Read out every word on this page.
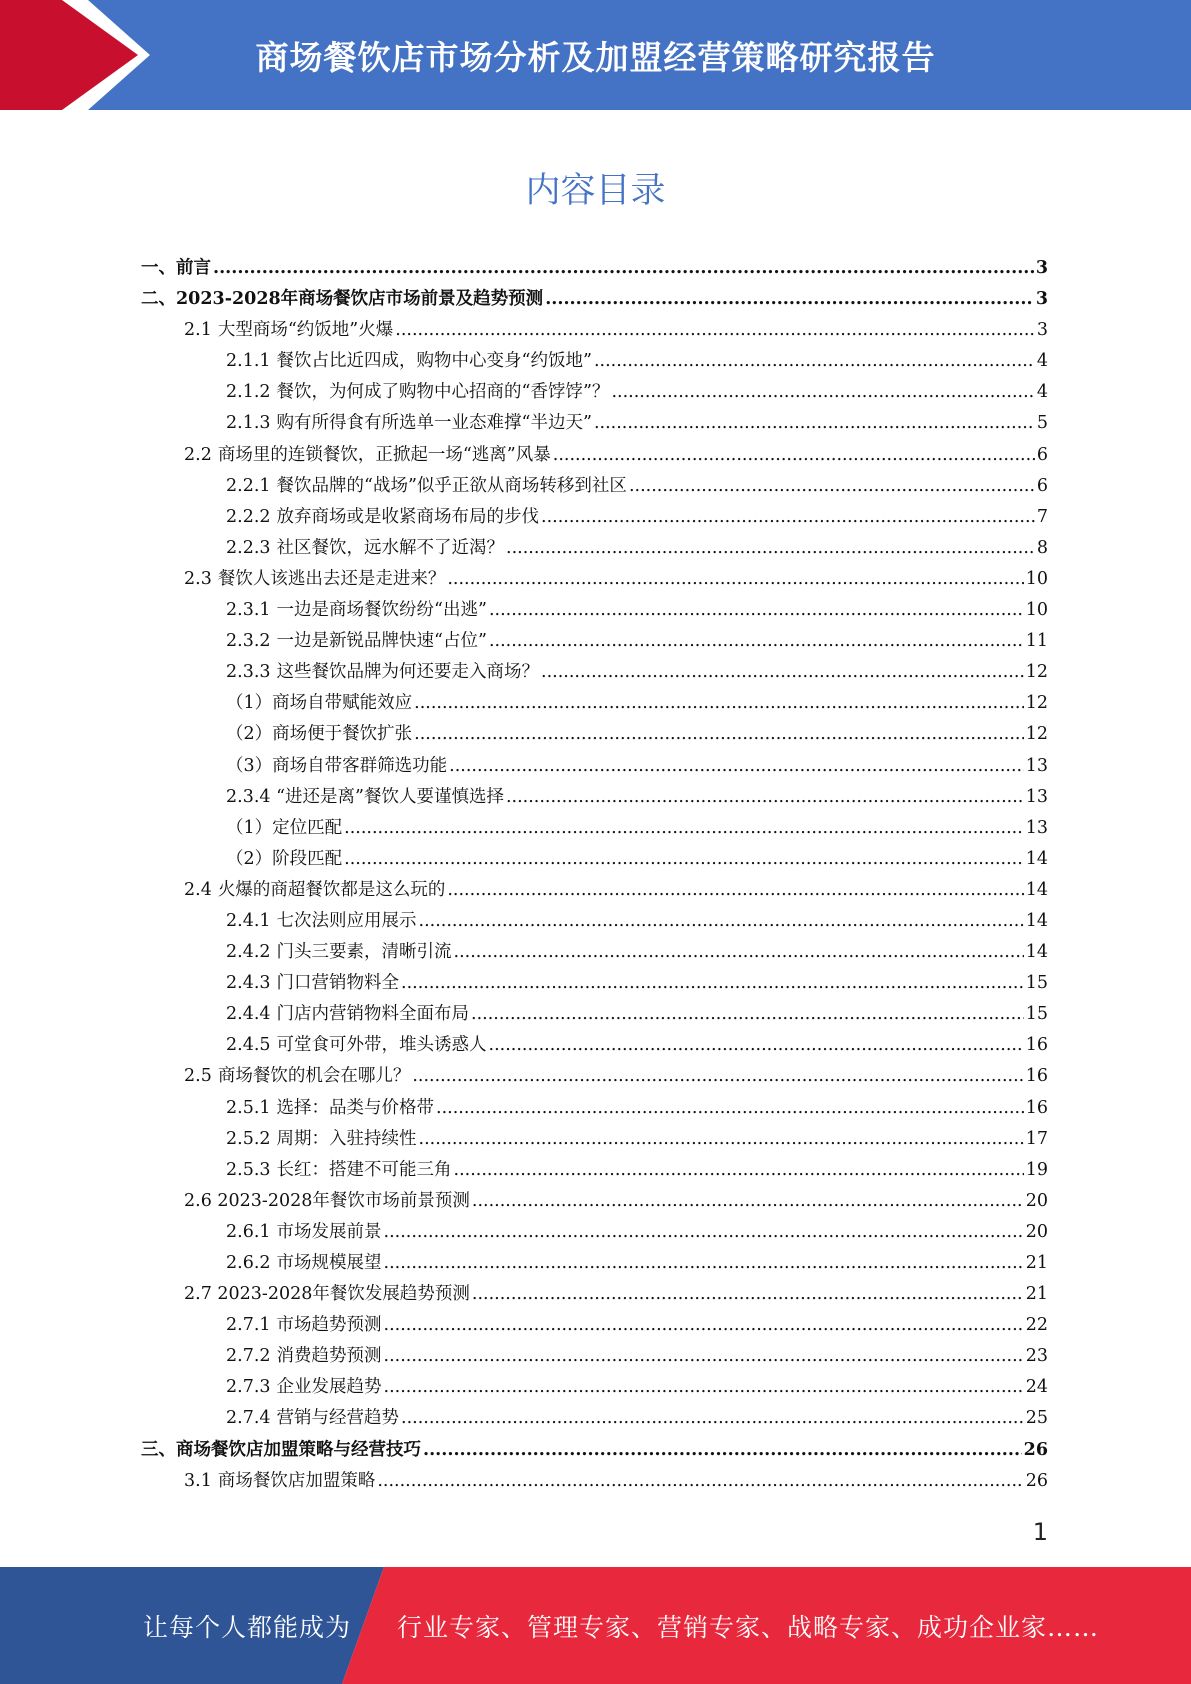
商场餐饮店市场分析及加盟经营策略研究报告
内容目录
一、前言 .....	3
二、2023-2028年商场餐饮店市场前景及趋势预测 .....	3
2.1 大型商场“约饭地”火爆 .....	3
2.1.1 餐饮占比近四成，购物中心变身“约饭地” .....	4
2.1.2 餐饮，为何成了购物中心招商的“香饽饽”？ .....	4
2.1.3 购有所得食有所选单一业态难撑“半边天” .....	5
2.2 商场里的连锁餐饮，正掀起一场“逃离”风暴 .....	6
2.2.1 餐饮品牌的“战场”似乎正欲从商场转移到社区 .....	6
2.2.2 放弃商场或是收紧商场布局的步伐 .....	7
2.2.3 社区餐饮，远水解不了近渴？ .....	8
2.3 餐饮人该逃出去还是走进来？ .....	10
2.3.1 一边是商场餐饮纷纷“出逃” .....	10
2.3.2 一边是新锐品牌快速“占位” .....	11
2.3.3 这些餐饮品牌为何还要走入商场？ .....	12
（1）商场自带赋能效应 .....	12
（2）商场便于餐饮扩张 .....	12
（3）商场自带客群筛选功能 .....	13
2.3.4 “进还是离”餐饮人要谨慎选择 .....	13
（1）定位匹配 .....	13
（2）阶段匹配 .....	14
2.4 火爆的商超餐饮都是这么玩的 .....	14
2.4.1 七次法则应用展示 .....	14
2.4.2 门头三要素，清晰引流 .....	14
2.4.3 门口营销物料全 .....	15
2.4.4 门店内营销物料全面布局 .....	15
2.4.5 可堂食可外带，堆头诱惑人 .....	16
2.5 商场餐饮的机会在哪儿？ .....	16
2.5.1 选择：品类与价格带 .....	16
2.5.2 周期：入驻持续性 .....	17
2.5.3 长红：搭建不可能三角 .....	19
2.6 2023-2028年餐饮市场前景预测 .....	20
2.6.1 市场发展前景 .....	20
2.6.2 市场规模展望 .....	21
2.7 2023-2028年餐饮发展趋势预测 .....	21
2.7.1 市场趋势预测 .....	22
2.7.2 消费趋势预测 .....	23
2.7.3 企业发展趋势 .....	24
2.7.4 营销与经营趋势 .....	25
三、商场餐饮店加盟策略与经营技巧 .....	26
3.1 商场餐饮店加盟策略 .....	26
1
让每个人都能成为 行业专家、管理专家、营销专家、战略专家、成功企业家……
